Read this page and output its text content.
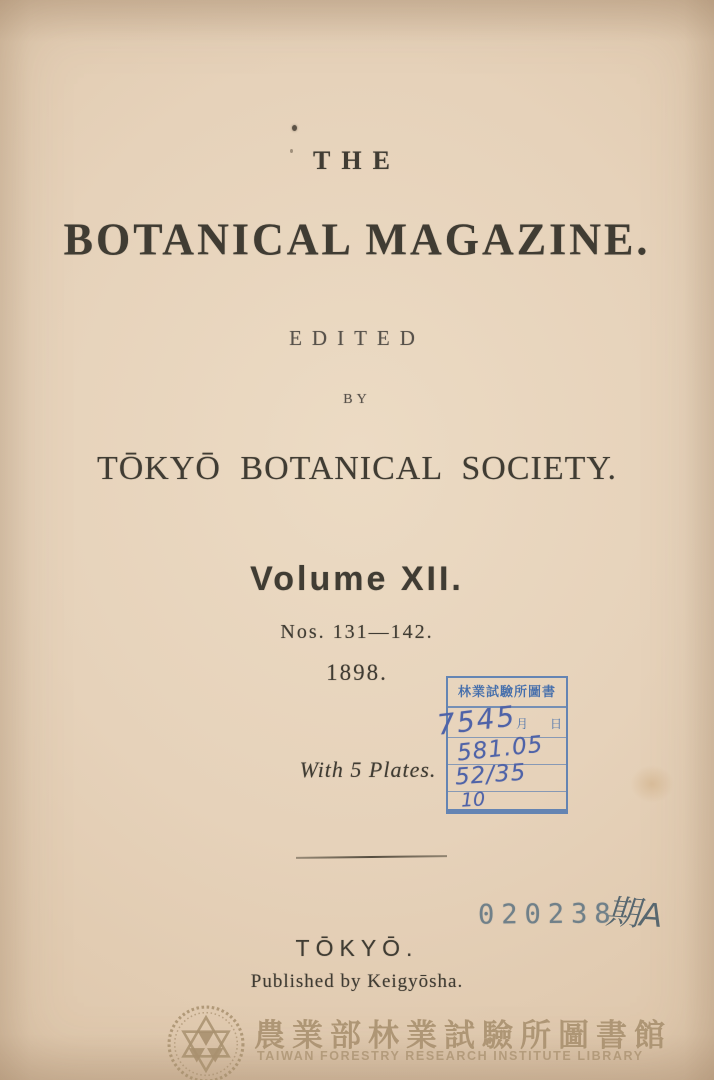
THE
BOTANICAL MAGAZINE.
EDITED
BY
TŌKYŌ BOTANICAL SOCIETY.
Volume XII.
Nos. 131—142.
1898.
With 5 Plates.
TŌKYŌ.
Published by Keigyōsha.
林業試驗所圖書
7545
月 日
581.05
52/35
10
020238
期A
農業部林業試驗所圖書館
TAIWAN FORESTRY RESEARCH INSTITUTE LIBRARY
